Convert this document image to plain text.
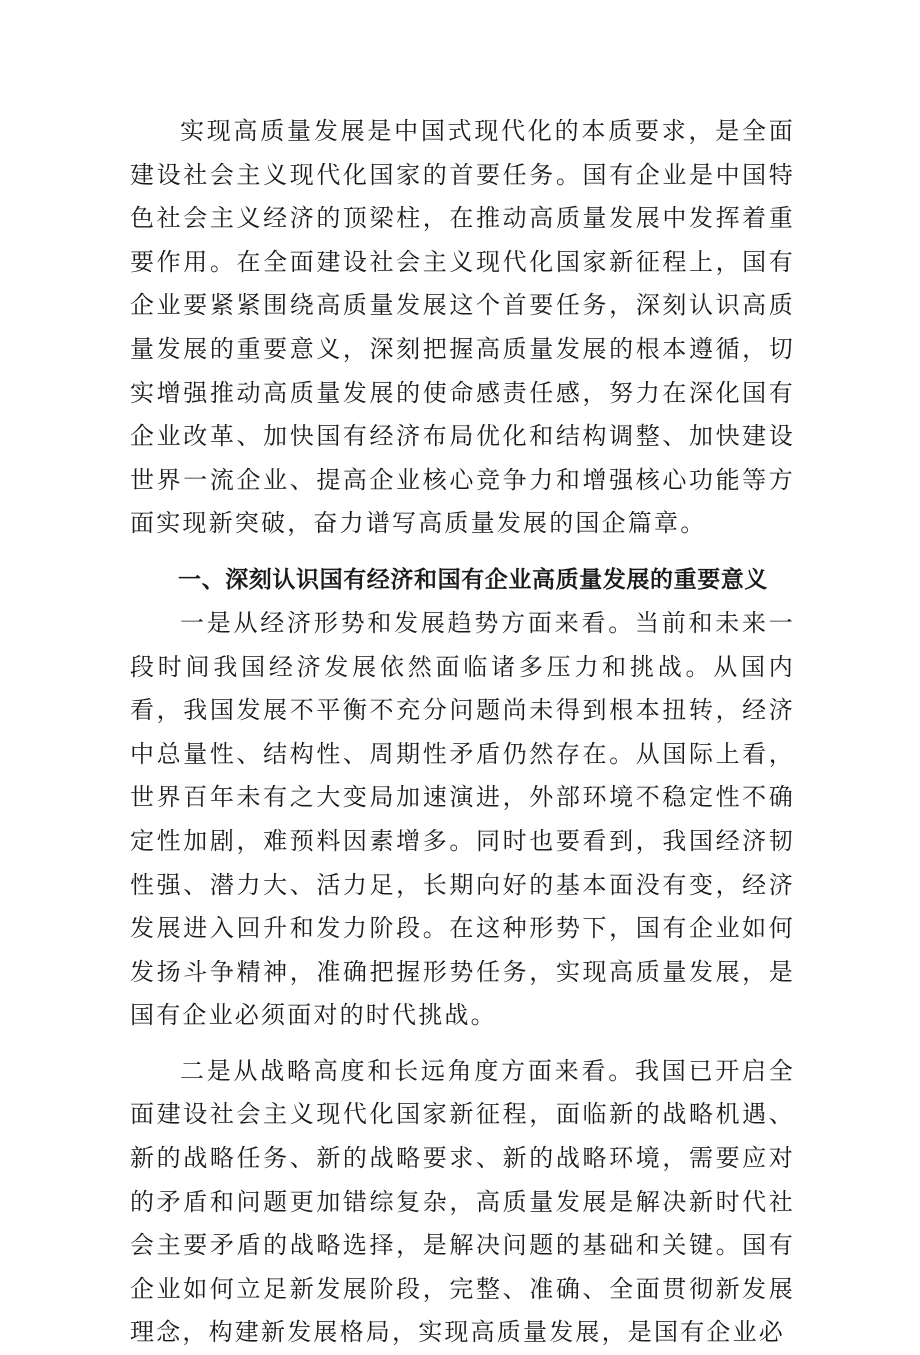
实现高质量发展是中国式现代化的本质要求，是全面建设社会主义现代化国家的首要任务。国有企业是中国特色社会主义经济的顶梁柱，在推动高质量发展中发挥着重要作用。在全面建设社会主义现代化国家新征程上，国有企业要紧紧围绕高质量发展这个首要任务，深刻认识高质量发展的重要意义，深刻把握高质量发展的根本遵循，切实增强推动高质量发展的使命感责任感，努力在深化国有企业改革、加快国有经济布局优化和结构调整、加快建设世界一流企业、提高企业核心竞争力和增强核心功能等方面实现新突破，奋力谱写高质量发展的国企篇章。

一、深刻认识国有经济和国有企业高质量发展的重要意义

一是从经济形势和发展趋势方面来看。当前和未来一段时间我国经济发展依然面临诸多压力和挑战。从国内看，我国发展不平衡不充分问题尚未得到根本扭转，经济中总量性、结构性、周期性矛盾仍然存在。从国际上看，世界百年未有之大变局加速演进，外部环境不稳定性不确定性加剧，难预料因素增多。同时也要看到，我国经济韧性强、潜力大、活力足，长期向好的基本面没有变，经济发展进入回升和发力阶段。在这种形势下，国有企业如何发扬斗争精神，准确把握形势任务，实现高质量发展，是国有企业必须面对的时代挑战。

二是从战略高度和长远角度方面来看。我国已开启全面建设社会主义现代化国家新征程，面临新的战略机遇、新的战略任务、新的战略要求、新的战略环境，需要应对的矛盾和问题更加错综复杂，高质量发展是解决新时代社会主要矛盾的战略选择，是解决问题的基础和关键。国有企业如何立足新发展阶段，完整、准确、全面贯彻新发展理念，构建新发展格局，实现高质量发展，是国有企业必
